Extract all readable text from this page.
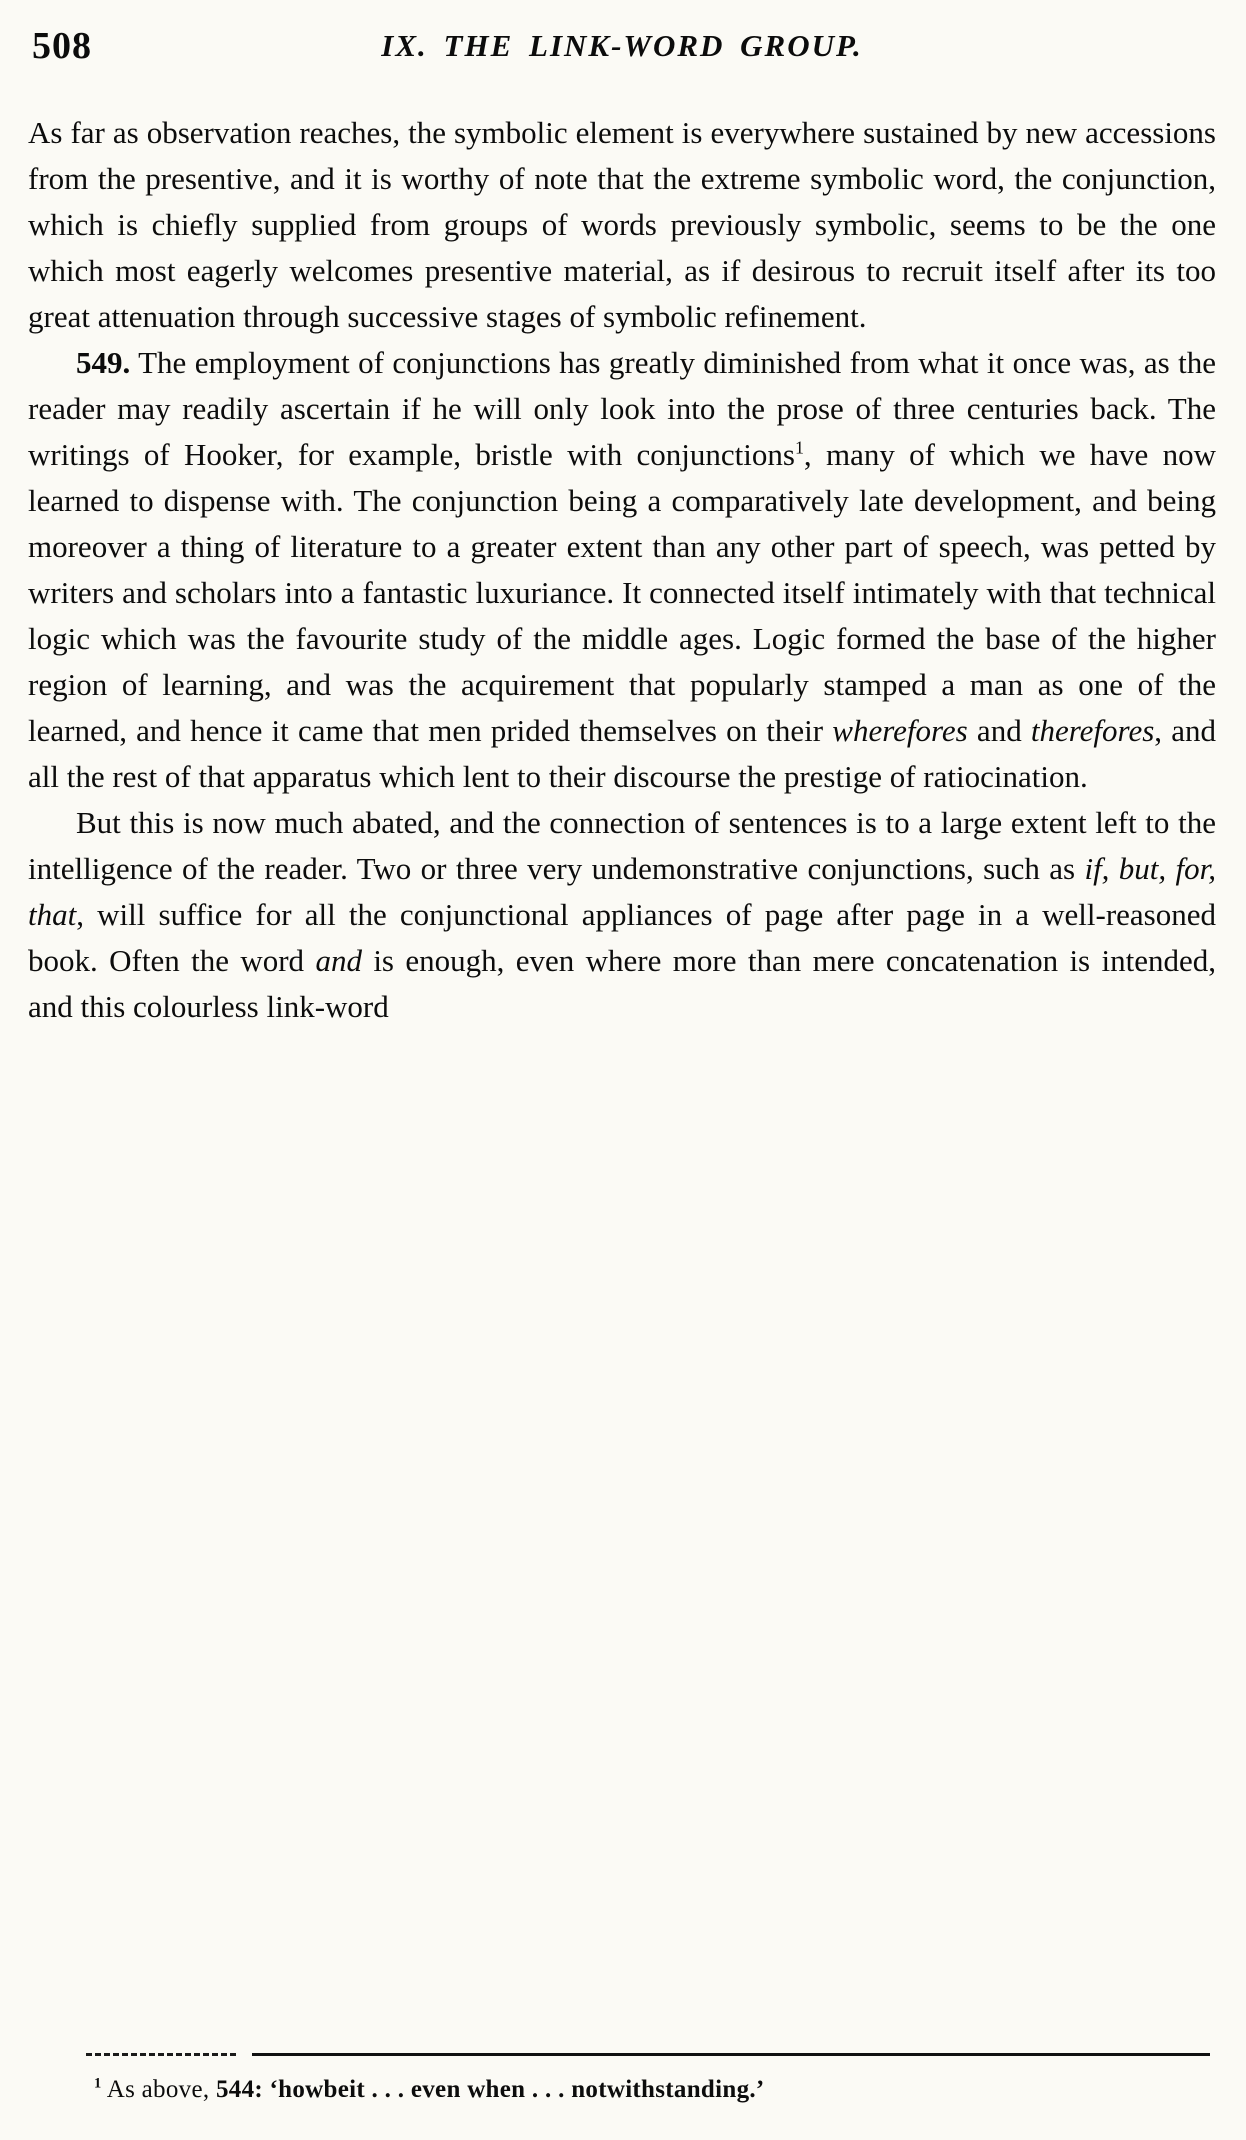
508	IX. THE LINK-WORD GROUP.

As far as observation reaches, the symbolic element is everywhere sustained by new accessions from the presentive, and it is worthy of note that the extreme symbolic word, the conjunction, which is chiefly supplied from groups of words previously symbolic, seems to be the one which most eagerly welcomes presentive material, as if desirous to recruit itself after its too great attenuation through successive stages of symbolic refinement.

549. The employment of conjunctions has greatly diminished from what it once was, as the reader may readily ascertain if he will only look into the prose of three centuries back. The writings of Hooker, for example, bristle with conjunctions$^1$, many of which we have now learned to dispense with. The conjunction being a comparatively late development, and being moreover a thing of literature to a greater extent than any other part of speech, was petted by writers and scholars into a fantastic luxuriance. It connected itself intimately with that technical logic which was the favourite study of the middle ages. Logic formed the base of the higher region of learning, and was the acquirement that popularly stamped a man as one of the learned, and hence it came that men prided themselves on their wherefores and therefores, and all the rest of that apparatus which lent to their discourse the prestige of ratiocination.

But this is now much abated, and the connection of sentences is to a large extent left to the intelligence of the reader. Two or three very undemonstrative conjunctions, such as if, but, for, that, will suffice for all the conjunctional appliances of page after page in a well-reasoned book. Often the word and is enough, even where more than mere concatenation is intended, and this colourless link-word

$^1$ As above, 544: ‘howbeit . . . even when . . . notwithstanding.’
